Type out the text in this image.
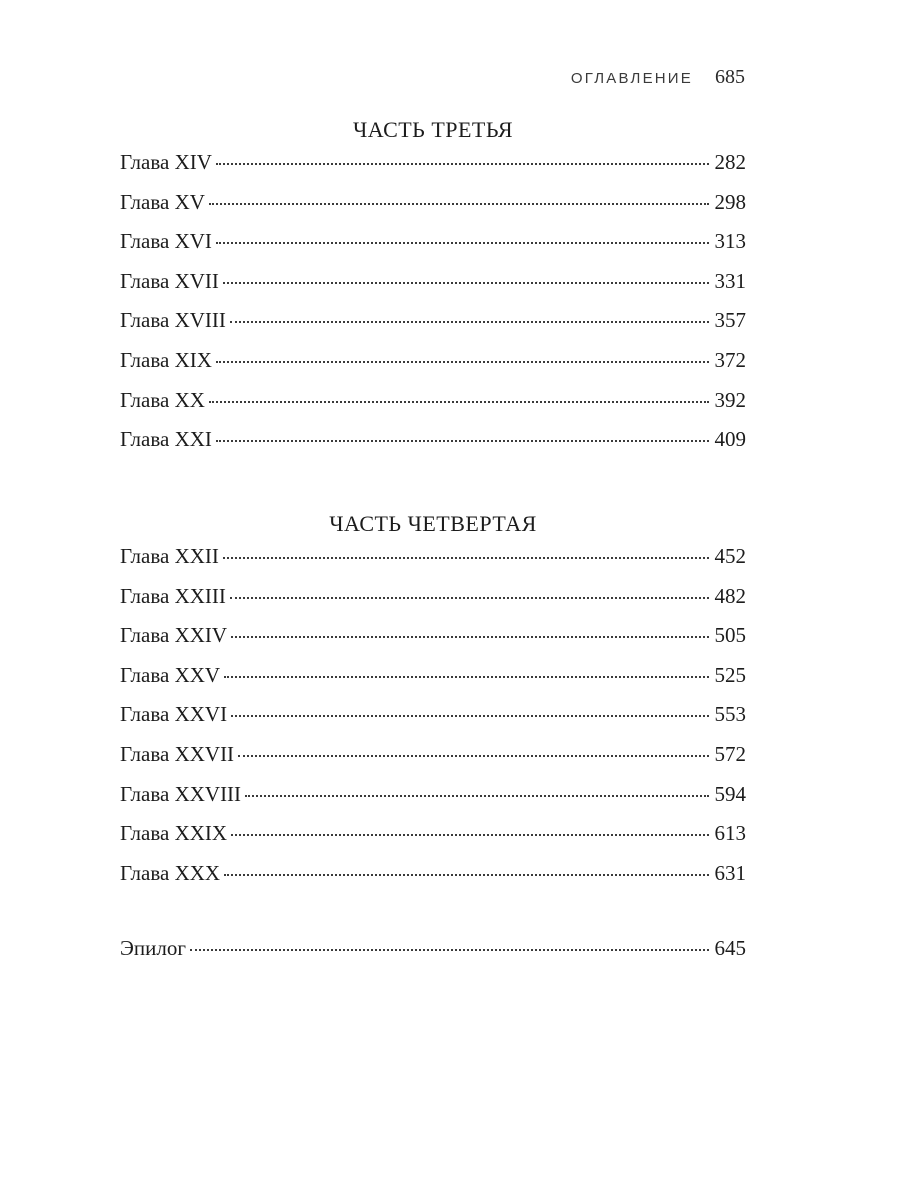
ОГЛАВЛЕНИЕ 685
ЧАСТЬ ТРЕТЬЯ
Глава XIV	282
Глава XV	298
Глава XVI	313
Глава XVII	331
Глава XVIII	357
Глава XIX	372
Глава XX	392
Глава XXI	409
ЧАСТЬ ЧЕТВЕРТАЯ
Глава XXII	452
Глава XXIII	482
Глава XXIV	505
Глава XXV	525
Глава XXVI	553
Глава XXVII	572
Глава XXVIII	594
Глава XXIX	613
Глава XXX	631
Эпилог	645
